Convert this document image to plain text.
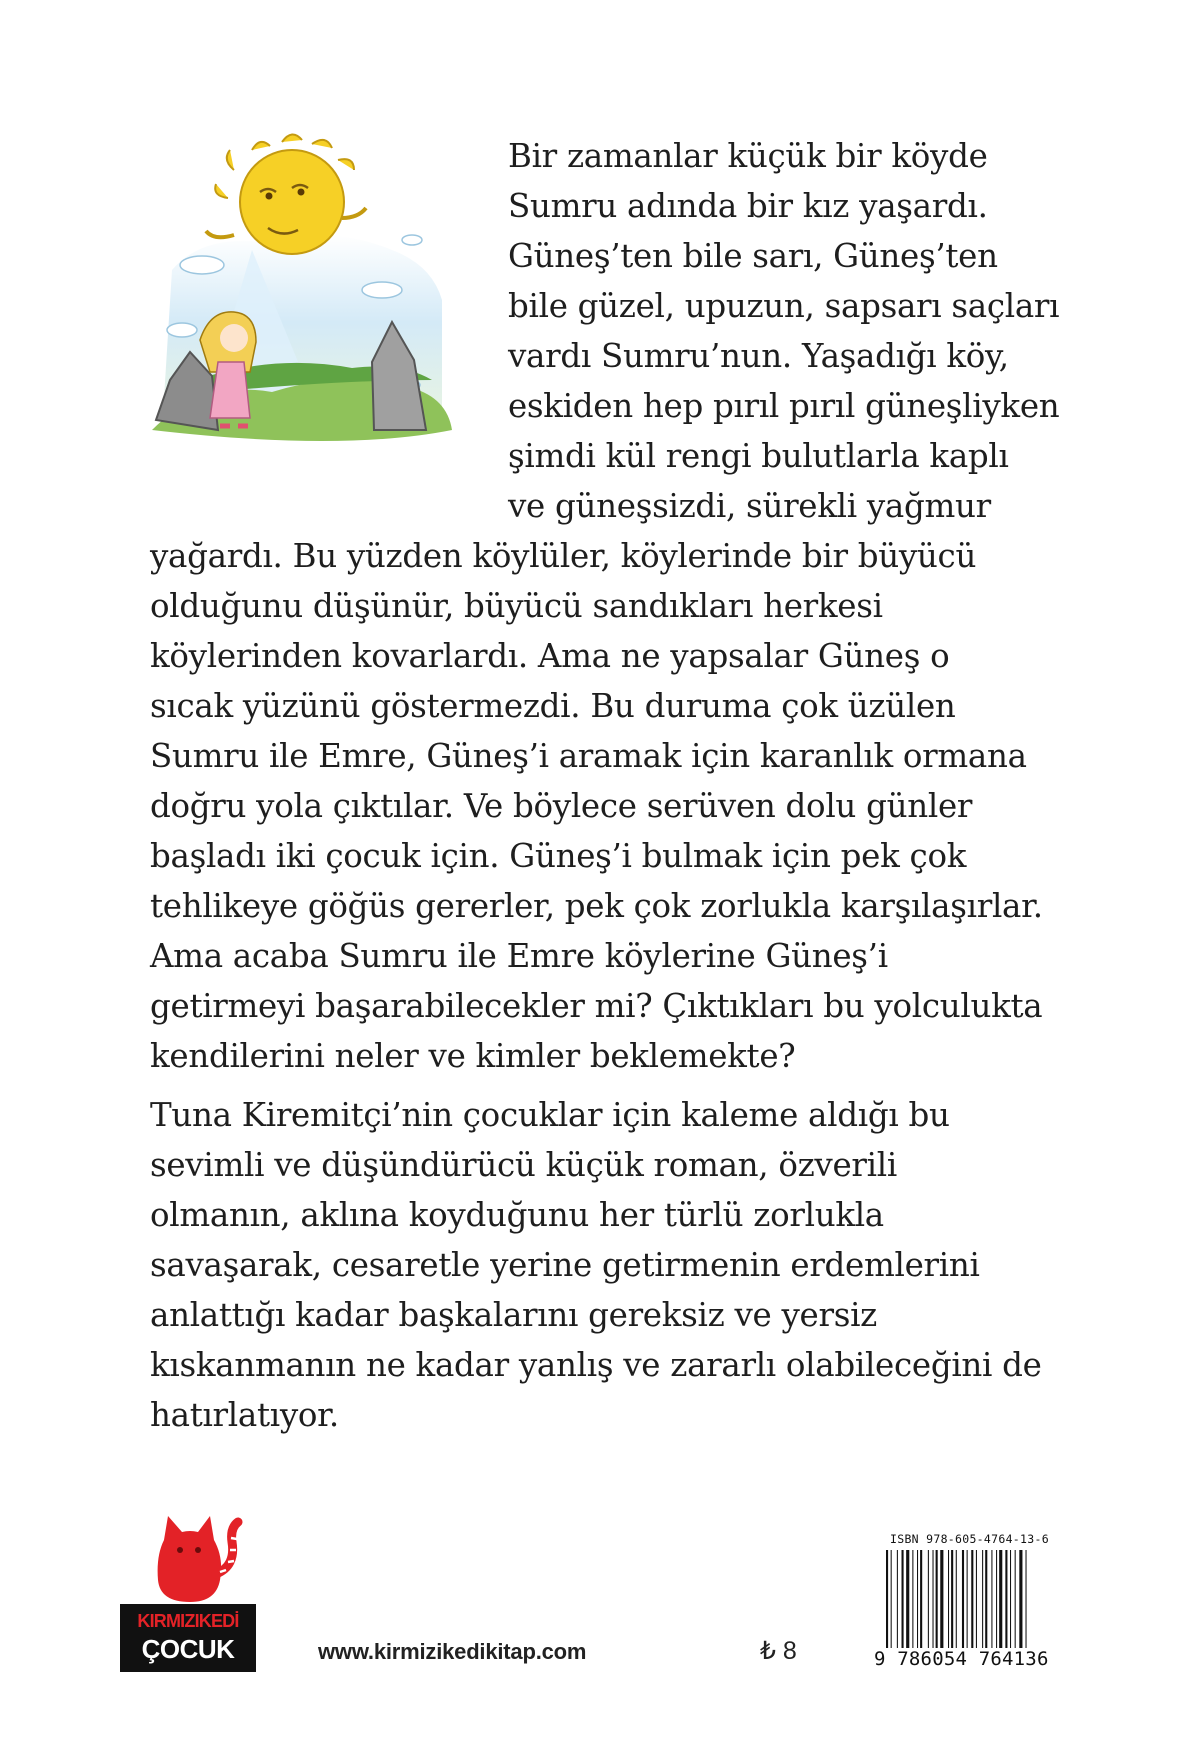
Bir zamanlar küçük bir köyde

Sumru adında bir kız yaşardı.

Güneş’ten bile sarı, Güneş’ten

bile güzel, upuzun, sapsarı saçları

vardı Sumru’nun. Yaşadığı köy,

eskiden hep pırıl pırıl güneşliyken

şimdi kül rengi bulutlarla kaplı

ve güneşsizdi, sürekli yağmur

yağardı. Bu yüzden köylüler, köylerinde bir büyücü

olduğunu düşünür, büyücü sandıkları herkesi

köylerinden kovarlardı. Ama ne yapsalar Güneş o

sıcak yüzünü göstermezdi. Bu duruma çok üzülen

Sumru ile Emre, Güneş’i aramak için karanlık ormana

doğru yola çıktılar. Ve böylece serüven dolu günler

başladı iki çocuk için. Güneş’i bulmak için pek çok

tehlikeye göğüs gererler, pek çok zorlukla karşılaşırlar.

Ama acaba Sumru ile Emre köylerine Güneş’i

getirmeyi başarabilecekler mi? Çıktıkları bu yolculukta

kendilerini neler ve kimler beklemekte?

Tuna Kiremitçi’nin çocuklar için kaleme aldığı bu

sevimli ve düşündürücü küçük roman, özverili

olmanın, aklına koyduğunu her türlü zorlukla

savaşarak, cesaretle yerine getirmenin erdemlerini

anlattığı kadar başkalarını gereksiz ve yersiz

kıskanmanın ne kadar yanlış ve zararlı olabileceğini de

hatırlatıyor.

KIRMIZIKEDİ
ÇOCUK	www.kirmizikedikitap.com	₺ 8
ISBN 978-605-4764-13-6
9 786054 764136
